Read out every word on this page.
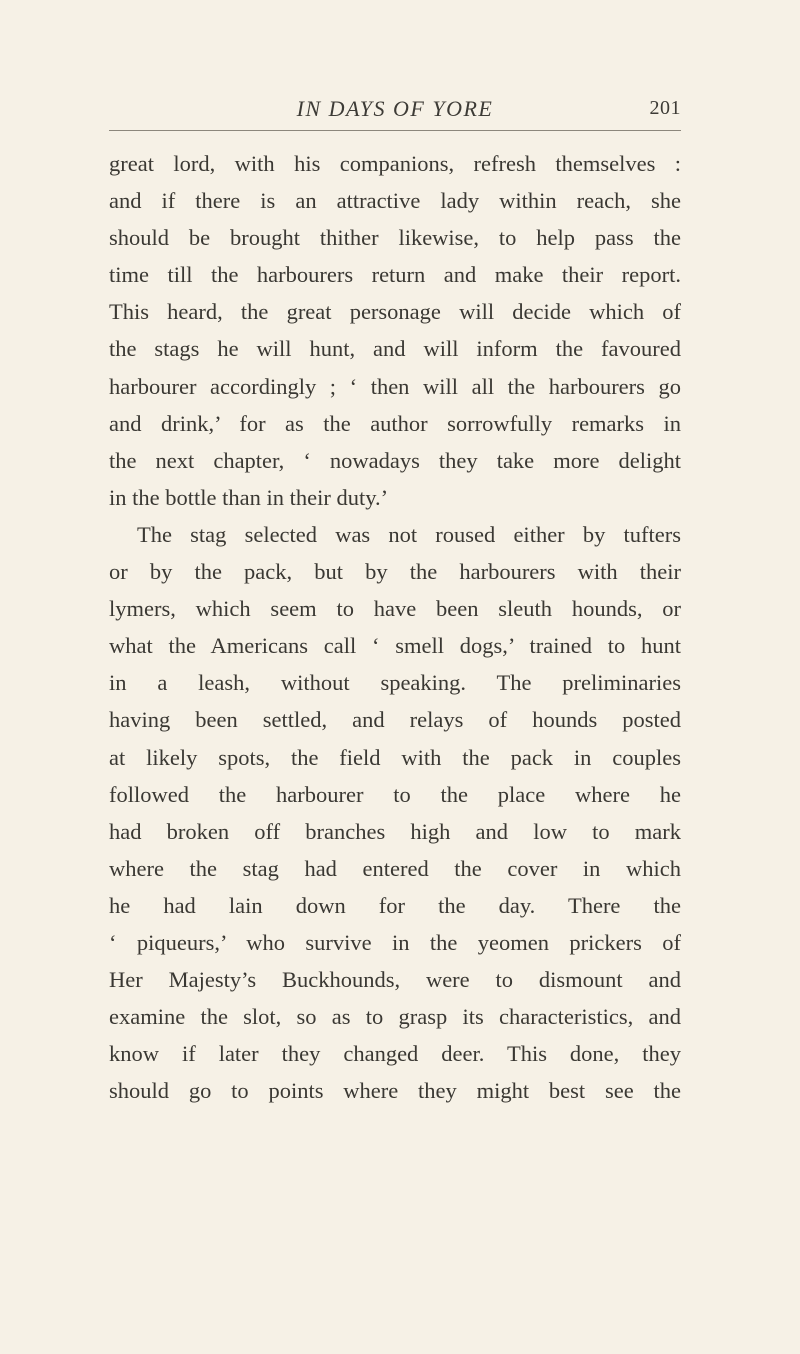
IN DAYS OF YORE	201
great lord, with his companions, refresh themselves :
and if there is an attractive lady within reach, she
should be brought thither likewise, to help pass the
time till the harbourers return and make their report.
This heard, the great personage will decide which of
the stags he will hunt, and will inform the favoured
harbourer accordingly ; ‘ then will all the harbourers go
and drink,’ for as the author sorrowfully remarks in
the next chapter, ‘ nowadays they take more delight
in the bottle than in their duty.’
The stag selected was not roused either by tufters
or by the pack, but by the harbourers with their
lymers, which seem to have been sleuth hounds, or
what the Americans call ‘ smell dogs,’ trained to hunt
in a leash, without speaking. The preliminaries
having been settled, and relays of hounds posted
at likely spots, the field with the pack in couples
followed the harbourer to the place where he
had broken off branches high and low to mark
where the stag had entered the cover in which
he had lain down for the day. There the
‘ piqueurs,’ who survive in the yeomen prickers of
Her Majesty’s Buckhounds, were to dismount and
examine the slot, so as to grasp its characteristics, and
know if later they changed deer. This done, they
should go to points where they might best see the
